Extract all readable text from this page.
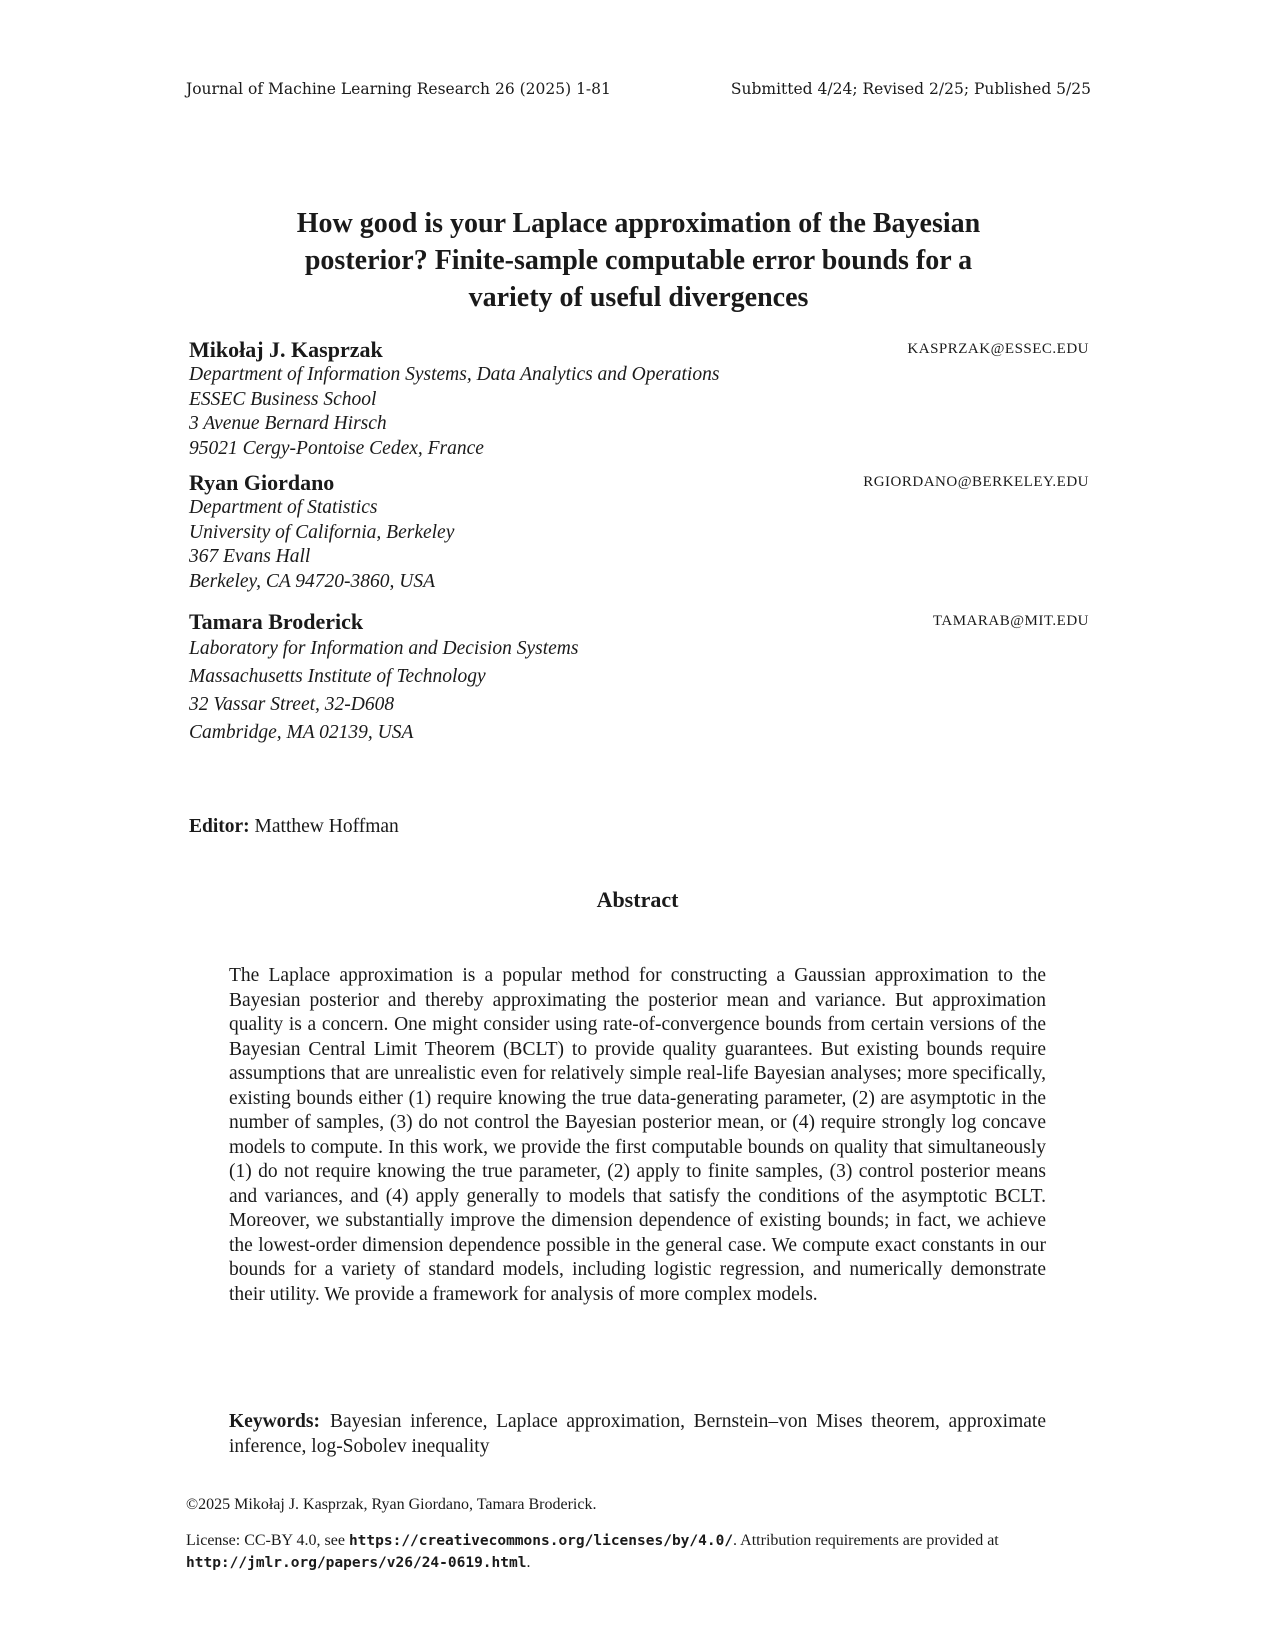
Journal of Machine Learning Research 26 (2025) 1-81	Submitted 4/24; Revised 2/25; Published 5/25
How good is your Laplace approximation of the Bayesian
posterior? Finite-sample computable error bounds for a
variety of useful divergences
Mikołaj J. Kasprzak	KASPRZAK@ESSEC.EDU
Department of Information Systems, Data Analytics and Operations
ESSEC Business School
3 Avenue Bernard Hirsch
95021 Cergy-Pontoise Cedex, France
Ryan Giordano	RGIORDANO@BERKELEY.EDU
Department of Statistics
University of California, Berkeley
367 Evans Hall
Berkeley, CA 94720-3860, USA
Tamara Broderick	TAMARAB@MIT.EDU
Laboratory for Information and Decision Systems
Massachusetts Institute of Technology
32 Vassar Street, 32-D608
Cambridge, MA 02139, USA
Editor: Matthew Hoffman
Abstract
The Laplace approximation is a popular method for constructing a Gaussian approximation to the Bayesian posterior and thereby approximating the posterior mean and variance. But approximation quality is a concern. One might consider using rate-of-convergence bounds from certain versions of the Bayesian Central Limit Theorem (BCLT) to provide quality guarantees. But existing bounds require assumptions that are unrealistic even for relatively simple real-life Bayesian analyses; more specifically, existing bounds either (1) require knowing the true data-generating parameter, (2) are asymptotic in the number of samples, (3) do not control the Bayesian posterior mean, or (4) require strongly log concave models to compute. In this work, we provide the first computable bounds on quality that simultaneously (1) do not require knowing the true parameter, (2) apply to finite samples, (3) control posterior means and variances, and (4) apply generally to models that satisfy the conditions of the asymptotic BCLT. Moreover, we substantially improve the dimension dependence of existing bounds; in fact, we achieve the lowest-order dimension dependence possible in the general case. We compute exact constants in our bounds for a variety of standard models, including logistic regression, and numerically demonstrate their utility. We provide a framework for analysis of more complex models.
Keywords: Bayesian inference, Laplace approximation, Bernstein–von Mises theorem, approximate inference, log-Sobolev inequality
©2025 Mikołaj J. Kasprzak, Ryan Giordano, Tamara Broderick.
License: CC-BY 4.0, see https://creativecommons.org/licenses/by/4.0/. Attribution requirements are provided at http://jmlr.org/papers/v26/24-0619.html.
